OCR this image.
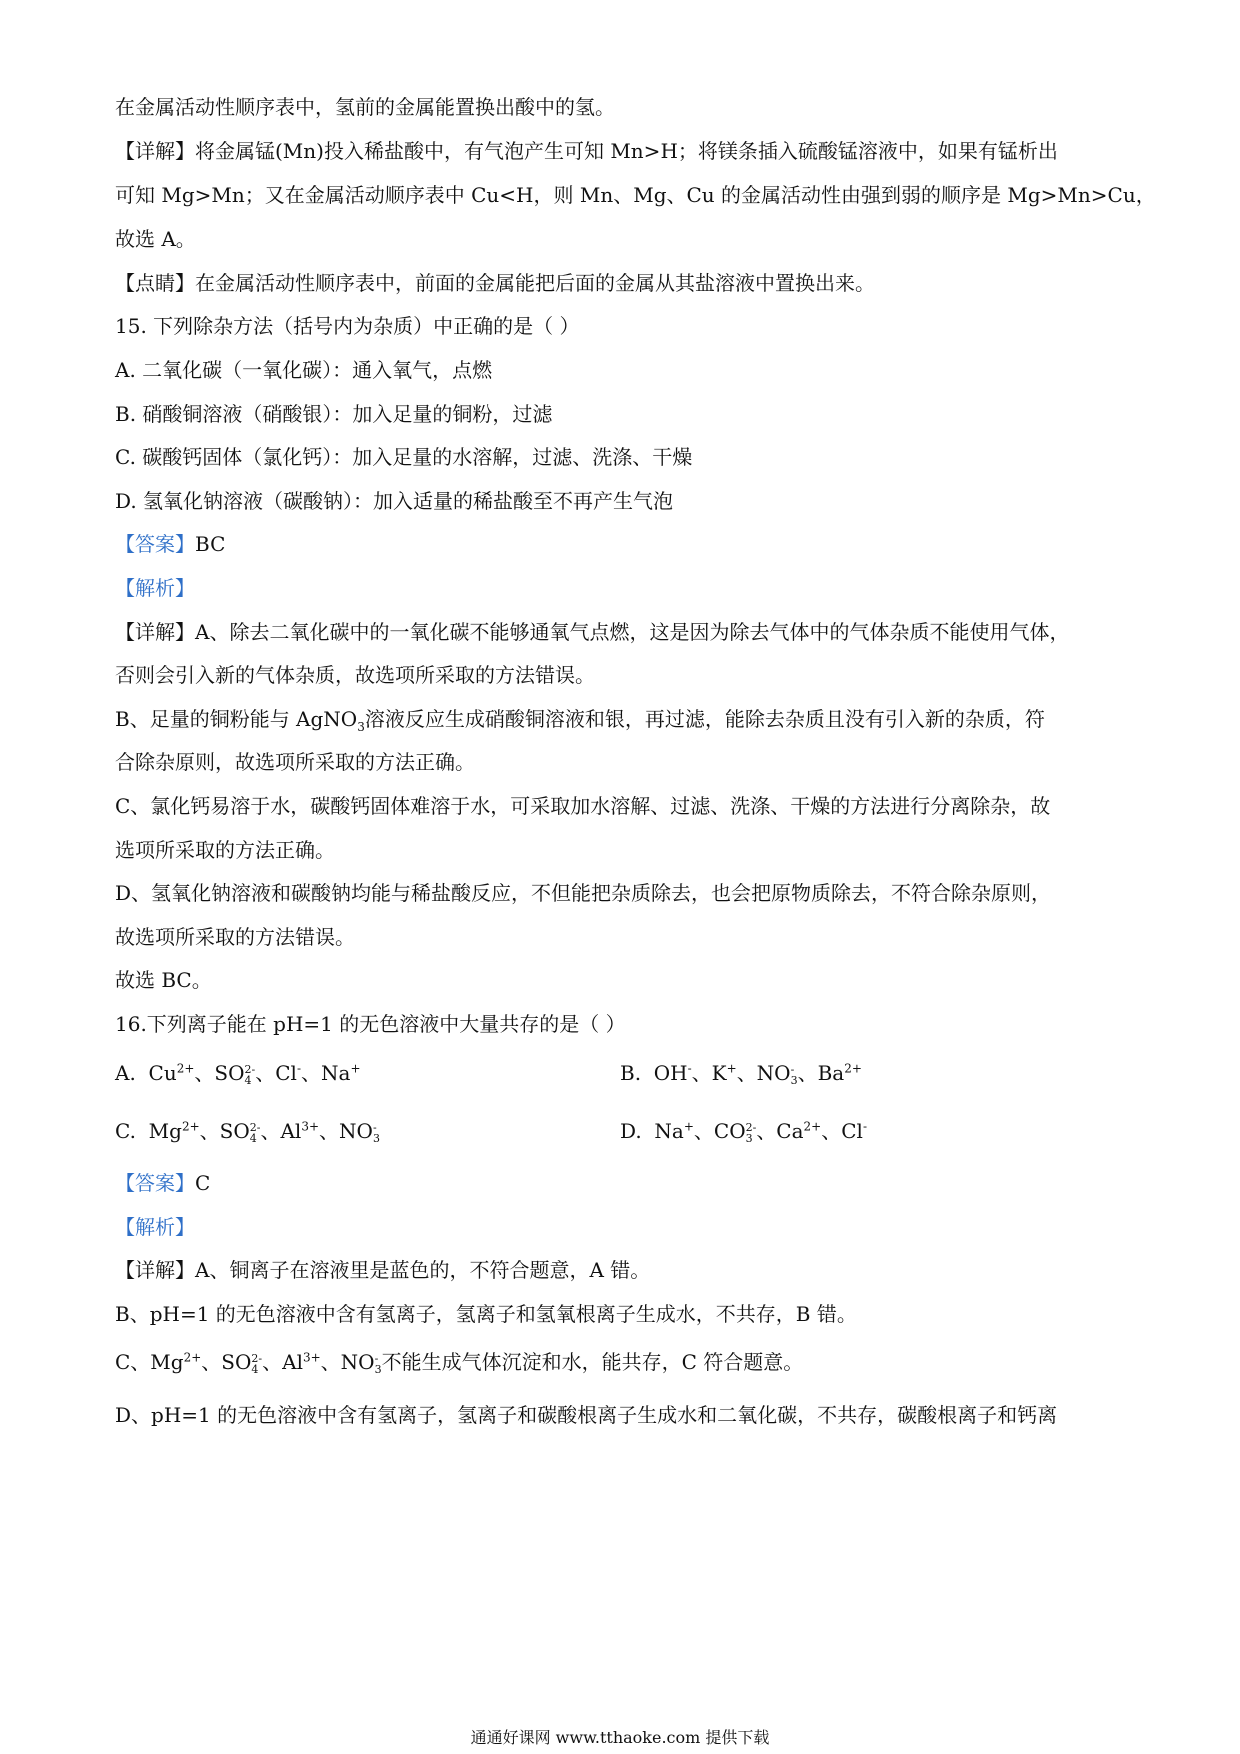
在金属活动性顺序表中，氢前的金属能置换出酸中的氢。
【详解】将金属锰(Mn)投入稀盐酸中，有气泡产生可知 Mn>H；将镁条插入硫酸锰溶液中，如果有锰析出
可知 Mg>Mn；又在金属活动顺序表中 Cu<H，则 Mn、Mg、Cu 的金属活动性由强到弱的顺序是 Mg>Mn>Cu，
故选 A。
【点睛】在金属活动性顺序表中，前面的金属能把后面的金属从其盐溶液中置换出来。
15. 下列除杂方法（括号内为杂质）中正确的是（ ）
A. 二氧化碳（一氧化碳）：通入氧气，点燃
B. 硝酸铜溶液（硝酸银）：加入足量的铜粉，过滤
C. 碳酸钙固体（氯化钙）：加入足量的水溶解，过滤、洗涤、干燥
D. 氢氧化钠溶液（碳酸钠）：加入适量的稀盐酸至不再产生气泡
【答案】BC
【解析】
【详解】A、除去二氧化碳中的一氧化碳不能够通氧气点燃，这是因为除去气体中的气体杂质不能使用气体，
否则会引入新的气体杂质，故选项所采取的方法错误。
B、足量的铜粉能与 AgNO$_3$溶液反应生成硝酸铜溶液和银，再过滤，能除去杂质且没有引入新的杂质，符
合除杂原则，故选项所采取的方法正确。
C、氯化钙易溶于水，碳酸钙固体难溶于水，可采取加水溶解、过滤、洗涤、干燥的方法进行分离除杂，故
选项所采取的方法正确。
D、氢氧化钠溶液和碳酸钠均能与稀盐酸反应，不但能把杂质除去，也会把原物质除去，不符合除杂原则，
故选项所采取的方法错误。
故选 BC。
16.下列离子能在 pH=1 的无色溶液中大量共存的是（ ）
A.  $Cu^{2+}$、SO 2-
4 、Cl-、Na+	B.  OH-、K+、NO -
3 、$Ba^{2+}$
C.  $Mg^{2+}$、SO 2-
4 、$Al^{3+}$、NO -
3	D.  Na+、CO 2-
3 、$Ca^{2+}$、Cl-
【答案】C
【解析】
【详解】A、铜离子在溶液里是蓝色的，不符合题意，A 错。
B、pH=1 的无色溶液中含有氢离子，氢离子和氢氧根离子生成水，不共存，B 错。
C、$Mg^{2+}$、SO 2-
4 、$Al^{3+}$、NO -
3 不能生成气体沉淀和水，能共存，C 符合题意。
D、pH=1 的无色溶液中含有氢离子，氢离子和碳酸根离子生成水和二氧化碳，不共存，碳酸根离子和钙离
通通好课网 www.tthaoke.com 提供下载
